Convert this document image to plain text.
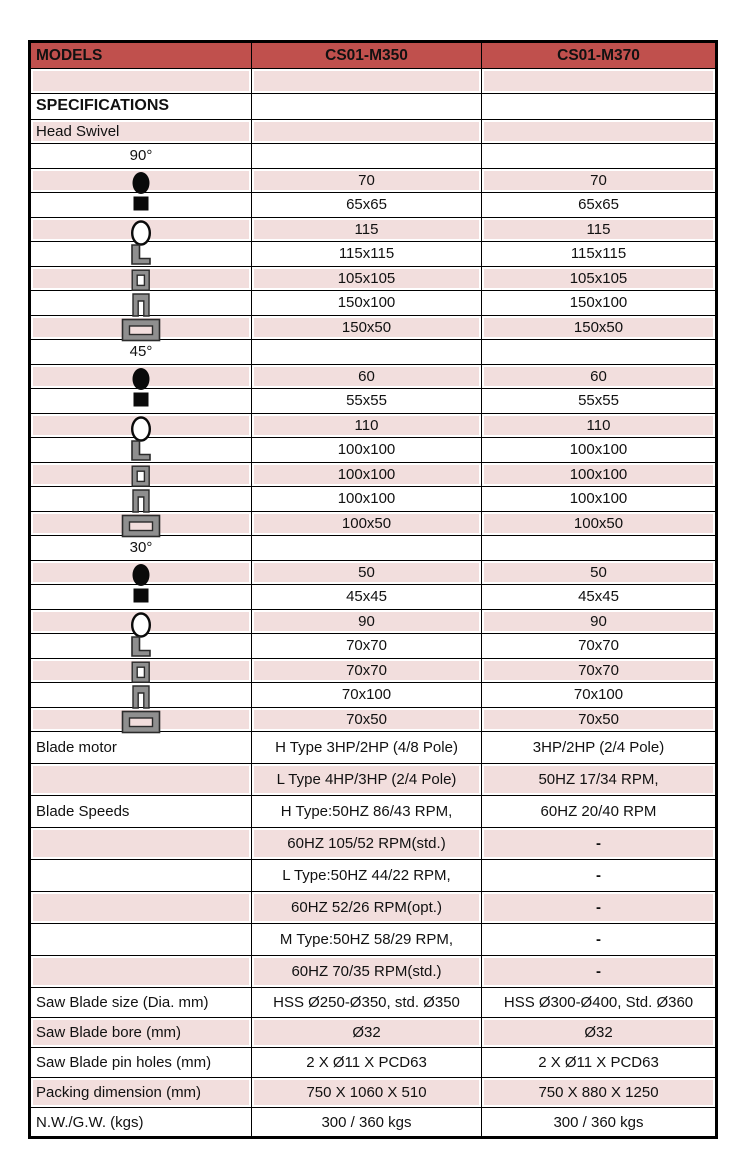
MODELS	CS01-M350	CS01-M370

SPECIFICATIONS		
Head Swivel		
90°		

	70	70

	65x65	65x65

	115	115

	115x115	115x115

	105x105	105x105

	150x100	150x100

	150x50	150x50
45°		

	60	60

	55x55	55x55

	110	110

	100x100	100x100

	100x100	100x100

	100x100	100x100

	100x50	100x50
30°		

	50	50

	45x45	45x45

	90	90

	70x70	70x70

	70x70	70x70

	70x100	70x100

	70x50	70x50
Blade motor	H Type 3HP/2HP (4/8 Pole)	3HP/2HP (2/4 Pole)
	L Type 4HP/3HP (2/4 Pole)	50HZ 17/34 RPM,
Blade Speeds	H Type:50HZ 86/43 RPM,	60HZ 20/40 RPM
	60HZ 105/52 RPM(std.)	-
	L Type:50HZ 44/22 RPM,	-
	60HZ 52/26 RPM(opt.)	-
	M Type:50HZ 58/29 RPM,	-
	60HZ 70/35 RPM(std.)	-
Saw Blade size (Dia. mm)	HSS Ø250-Ø350, std. Ø350	HSS Ø300-Ø400, Std. Ø360
Saw Blade bore (mm)	Ø32	Ø32
Saw Blade pin holes (mm)	2 X Ø11 X PCD63	2 X Ø11 X PCD63
Packing dimension (mm)	750 X 1060 X 510	750 X 880 X 1250
N.W./G.W. (kgs)	300 / 360 kgs	300 / 360 kgs
